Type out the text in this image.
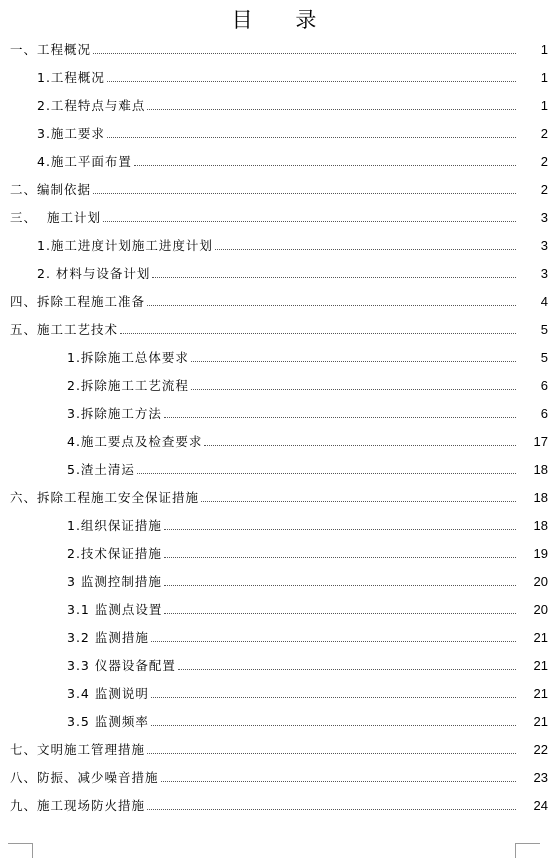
目 录
一、工程概况	1
1.工程概况	1
2.工程特点与难点	1
3.施工要求	2
4.施工平面布置	2
二、编制依据	2
三、  施工计划	3
1.施工进度计划施工进度计划	3
2. 材料与设备计划	3
四、拆除工程施工准备	4
五、施工工艺技术	5
1.拆除施工总体要求	5
2.拆除施工工艺流程	6
3.拆除施工方法	6
4.施工要点及检查要求	17
5.渣土清运	18
六、拆除工程施工安全保证措施	18
1.组织保证措施	18
2.技术保证措施	19
3 监测控制措施	20
3.1 监测点设置	20
3.2 监测措施	21
3.3 仪器设备配置	21
3.4 监测说明	21
3.5 监测频率	21
七、文明施工管理措施	22
八、防振、减少噪音措施	23
九、施工现场防火措施	24
